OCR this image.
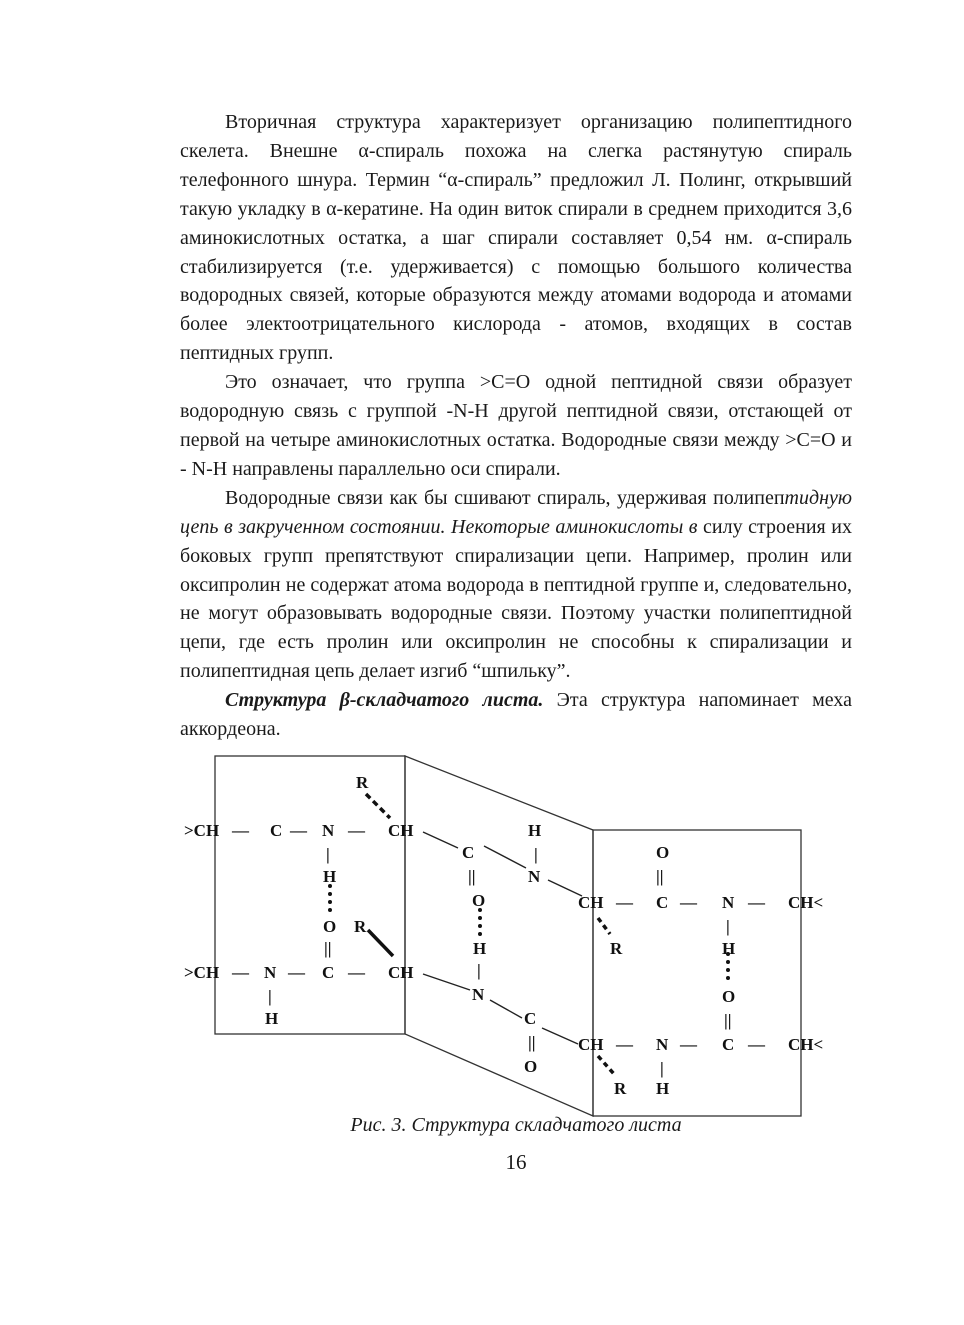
Вторичная структура характеризует организацию полипептидного скелета. Внешне α-спираль похожа на слегка растянутую спираль телефонного шнура. Термин “α-спираль” предложил Л. Полинг, открывший такую укладку в α-кератине. На один виток спирали в среднем приходится 3,6 аминокислотных остатка, а шаг спирали составляет 0,54 нм. α-спираль стабилизируется (т.е. удерживается) с помощью большого количества водородных связей, которые образуются между атомами водорода и атомами более электоотрицательного кислорода - атомов, входящих в состав пептидных групп.

Это означает, что группа >C=O одной пептидной связи образует водородную связь с группой -N-H другой пептидной связи, отстающей от первой на четыре аминокислотных остатка. Водородные связи между >C=O и - N-H направлены параллельно оси спирали.

Водородные связи как бы сшивают спираль, удерживая полипептидную цепь в закрученном состоянии. Некоторые аминокислоты в силу строения их боковых групп препятствуют спирализации цепи. Например, пролин или оксипролин не содержат атома водорода в пептидной группе и, следовательно, не могут образовывать водородные связи. Поэтому участки полипептидной цепи, где есть пролин или оксипролин не способны к спирализации и полипептидная цепь делает изгиб “шпильку”.

Структура β-складчатого листа. Эта структура напоминает меха аккордеона.

R
>CH — C — N — CH
|
H
O R
||
>CH — N — C — CH
|
H
H
|
C
N
||
O
H
|
N
C
||
O
O
||
CH — C — N — CH<
|
R	H
O
||
CH — N — C — CH<
|
R H
Рис. 3. Структура складчатого листа
16
